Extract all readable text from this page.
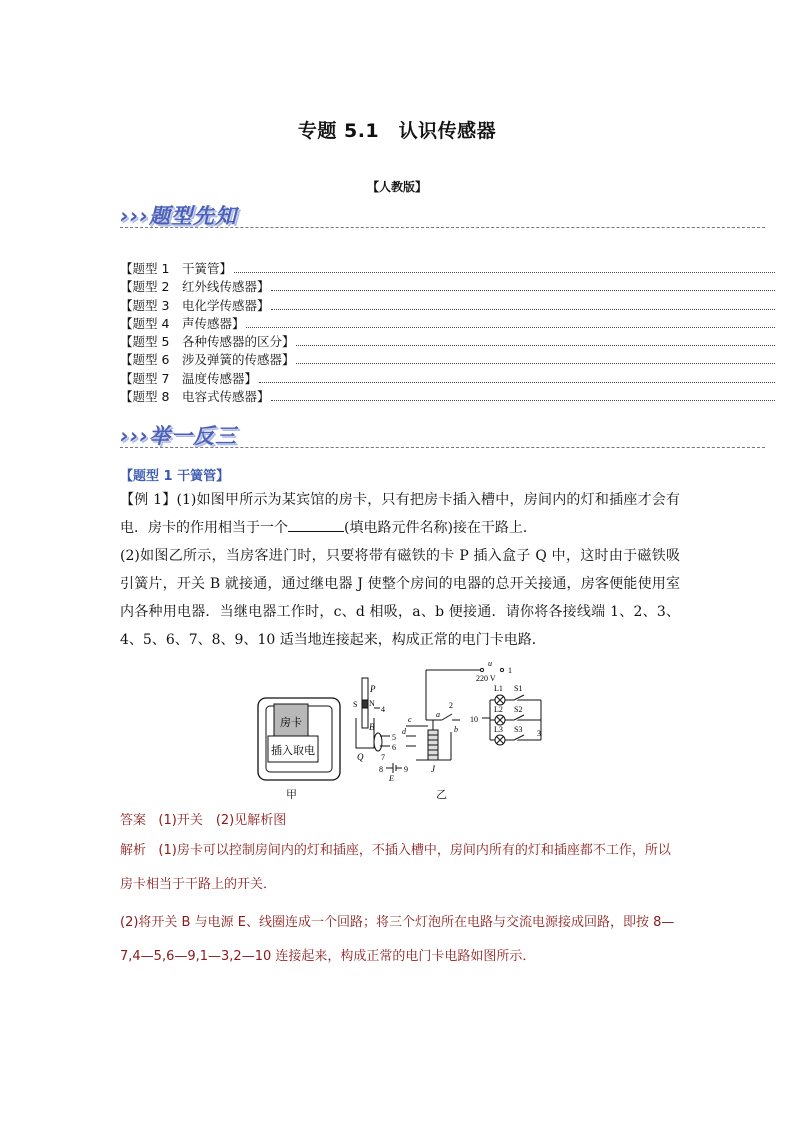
专题 5.1　认识传感器
【人教版】
›››题型先知
【题型 1　 干簧管】
【题型 2　 红外线传感器】
【题型 3　 电化学传感器】
【题型 4　 声传感器】
【题型 5　 各种传感器的区分】
【题型 6　 涉及弹簧的传感器】
【题型 7　 温度传感器】
【题型 8　 电容式传感器】
›››举一反三
【题型 1 干簧管】
【例 1】(1)如图甲所示为某宾馆的房卡，只有把房卡插入槽中，房间内的灯和插座才会有电．房卡的作用相当于一个	(填电路元件名称)接在干路上．
(2)如图乙所示，当房客进门时，只要将带有磁铁的卡 P 插入盒子 Q 中，这时由于磁铁吸引簧片，开关 B 就接通，通过继电器 J 使整个房间的电器的总开关接通，房客便能使用室内各种用电器．当继电器工作时，c、d 相吸，a、b 便接通．请你将各接线端 1、2、3、4、5、6、7、8、9、10 适当地连接起来，构成正常的电门卡电路．
房卡
插入取电
P
S N
Q
B
4
5
6
7
8
E
9
c
d
a
b
2
J
u
220 V
1
10
3
L1
L2
L3
S1
S2
S3
甲	乙
答案 (1)开关　(2)见解析图
解析 (1)房卡可以控制房间内的灯和插座，不插入槽中，房间内所有的灯和插座都不工作，所以房卡相当于干路上的开关．
(2)将开关 B 与电源 E、线圈连成一个回路；将三个灯泡所在电路与交流电源接成回路，即按 8—7,4—5,6—9,1—3,2—10 连接起来，构成正常的电门卡电路如图所示．
